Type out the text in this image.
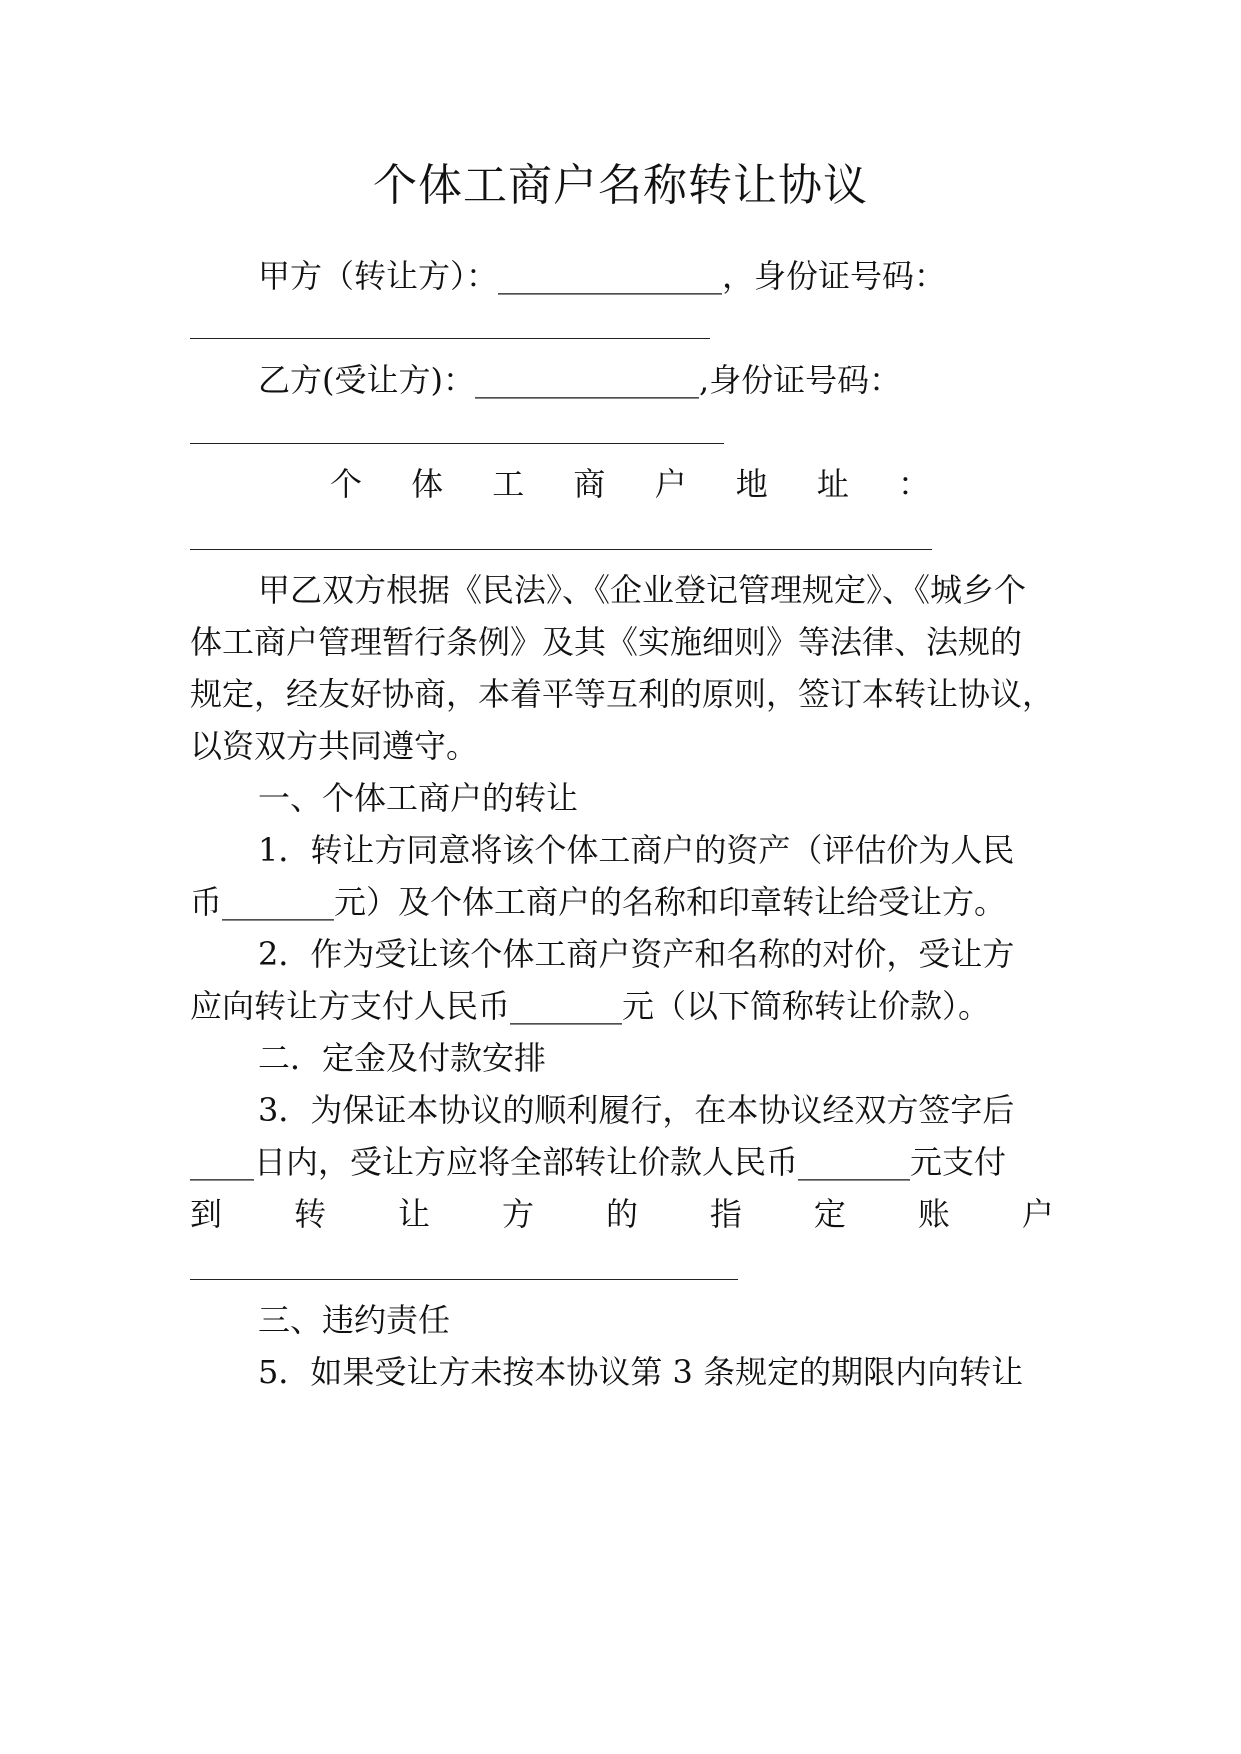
个体工商户名称转让协议
甲方（转让方）：______________，身份证号码：
乙方(受让方)：______________,身份证号码：
个 体 工 商 户 地 址 ：
甲乙双方根据《民法》、《企业登记管理规定》、《城乡个
体工商户管理暂行条例》及其《实施细则》等法律、法规的
规定，经友好协商，本着平等互利的原则，签订本转让协议，
以资双方共同遵守。
一、个体工商户的转让
1．转让方同意将该个体工商户的资产（评估价为人民
币_______元）及个体工商户的名称和印章转让给受让方。
2．作为受让该个体工商户资产和名称的对价，受让方
应向转让方支付人民币_______元（以下简称转让价款）。
二．定金及付款安排
3．为保证本协议的顺利履行，在本协议经双方签字后
____日内，受让方应将全部转让价款人民币_______元支付
到 转 让 方 的 指 定 账 户
三、违约责任
5．如果受让方未按本协议第 3 条规定的期限内向转让
